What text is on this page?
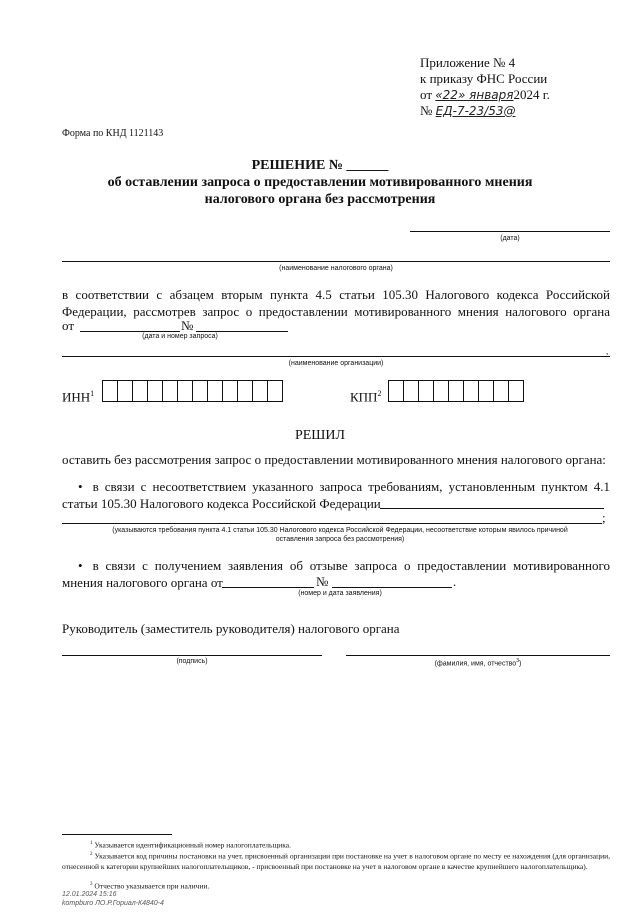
Приложение № 4
к приказу ФНС России
от «22» января2024 г.
№ ЕД-7-23/53@
Форма по КНД 1121143
РЕШЕНИЕ № ______
об оставлении запроса о предоставлении мотивированного мнения
налогового органа без рассмотрения
(дата)
(наименование налогового органа)
в соответствии с абзацем вторым пункта 4.5 статьи 105.30 Налогового кодекса Российской
Федерации, рассмотрев запрос о предоставлении мотивированного мнения налогового органа
от	№
(дата и номер запроса)
,
(наименование организации)
ИНН$^1$	КПП$^2$
РЕШИЛ
оставить без рассмотрения запрос о предоставлении мотивированного мнения налогового органа:
• в связи с несоответствием указанного запроса требованиям, установленным пунктом 4.1
статьи 105.30 Налогового кодекса Российской Федерации
;
(указываются требования пункта 4.1 статьи 105.30 Налогового кодекса Российской Федерации, несоответствие которым явилось причиной оставления запроса без рассмотрения)
• в связи с получением заявления об отзыве запроса о предоставлении мотивированного
мнения налогового органа от	№	.
(номер и дата заявления)
Руководитель (заместитель руководителя) налогового органа
(подпись)	(фамилия, имя, отчество$^3$)
$^1$ Указывается идентификационный номер налогоплательщика.
$^2$ Указывается код причины постановки на учет, присвоенный организации при постановке на учет в налоговом органе по месту ее нахождения (для организации, отнесенной к категории крупнейших налогоплательщиков, - присвоенный при постановке на учет в налоговом органе в качестве крупнейшего налогоплательщика).
$^3$ Отчество указывается при наличии.
12.01.2024 15:16
kompburo ЛО.Р.Гориал-К4840-4
